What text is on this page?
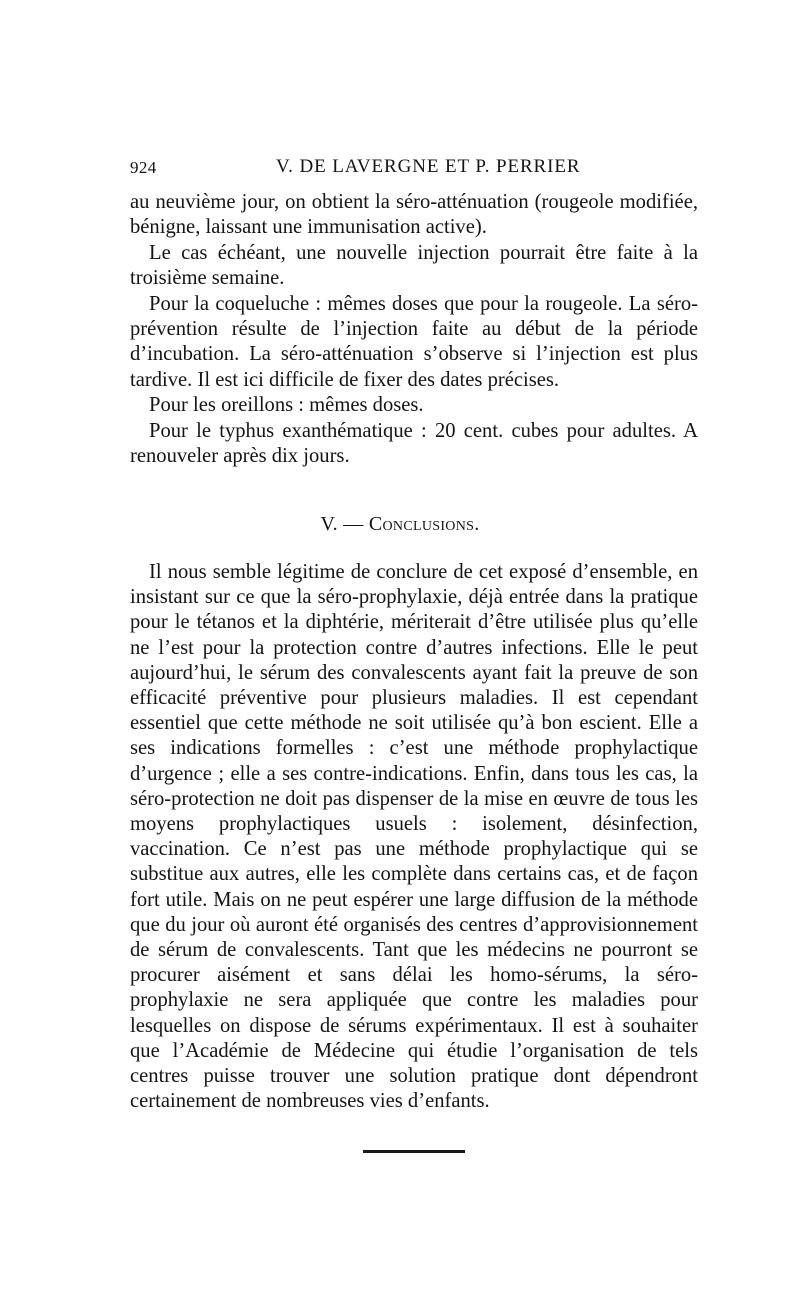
924	V. DE LAVERGNE ET P. PERRIER

au neuvième jour, on obtient la séro-atténuation (rougeole modifiée, bénigne, laissant une immunisation active).

Le cas échéant, une nouvelle injection pourrait être faite à la troisième semaine.

Pour la coqueluche : mêmes doses que pour la rougeole. La séro-prévention résulte de l’injection faite au début de la période d’incubation. La séro-atténuation s’observe si l’injection est plus tardive. Il est ici difficile de fixer des dates précises.

Pour les oreillons : mêmes doses.

Pour le typhus exanthématique : 20 cent. cubes pour adultes. A renouveler après dix jours.

V. — Conclusions.

Il nous semble légitime de conclure de cet exposé d’ensemble, en insistant sur ce que la séro-prophylaxie, déjà entrée dans la pratique pour le tétanos et la diphtérie, mériterait d’être utilisée plus qu’elle ne l’est pour la protection contre d’autres infections. Elle le peut aujourd’hui, le sérum des convalescents ayant fait la preuve de son efficacité préventive pour plusieurs maladies. Il est cependant essentiel que cette méthode ne soit utilisée qu’à bon escient. Elle a ses indications formelles : c’est une méthode prophylactique d’urgence ; elle a ses contre-indications. Enfin, dans tous les cas, la séro-protection ne doit pas dispenser de la mise en œuvre de tous les moyens prophylactiques usuels : isolement, désinfection, vaccination. Ce n’est pas une méthode prophylactique qui se substitue aux autres, elle les complète dans certains cas, et de façon fort utile. Mais on ne peut espérer une large diffusion de la méthode que du jour où auront été organisés des centres d’approvisionnement de sérum de convalescents. Tant que les médecins ne pourront se procurer aisément et sans délai les homo-sérums, la séro-prophylaxie ne sera appliquée que contre les maladies pour lesquelles on dispose de sérums expérimentaux. Il est à souhaiter que l’Académie de Médecine qui étudie l’organisation de tels centres puisse trouver une solution pratique dont dépendront certainement de nombreuses vies d’enfants.
